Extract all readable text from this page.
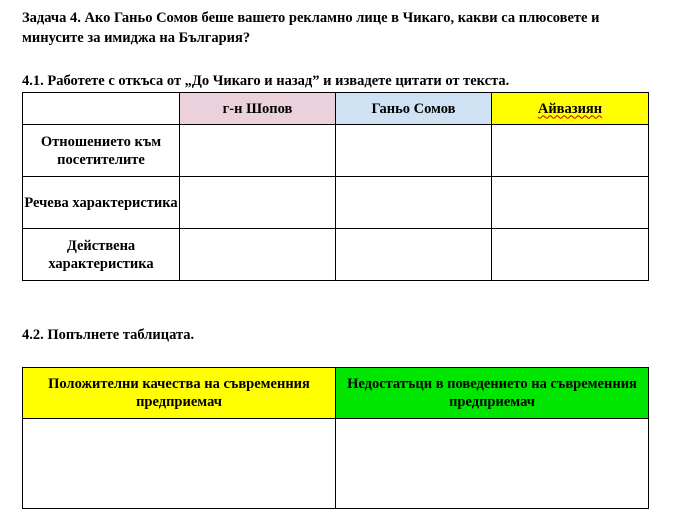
Задача 4. Ако Ганьо Сомов беше вашето рекламно лице в Чикаго, какви са плюсовете и минусите за имиджа на България?
4.1. Работете с откъса от „До Чикаго и назад” и извадете цитати от текста.
	г-н Шопов	Ганьо Сомов	Айвазиян
Отношението към посетителите			
Речева характеристика			
Действена характеристика			
4.2. Попълнете таблицата.
Положителни качества на съвременния предприемач	Недостатъци в поведението на съвременния предприемач
